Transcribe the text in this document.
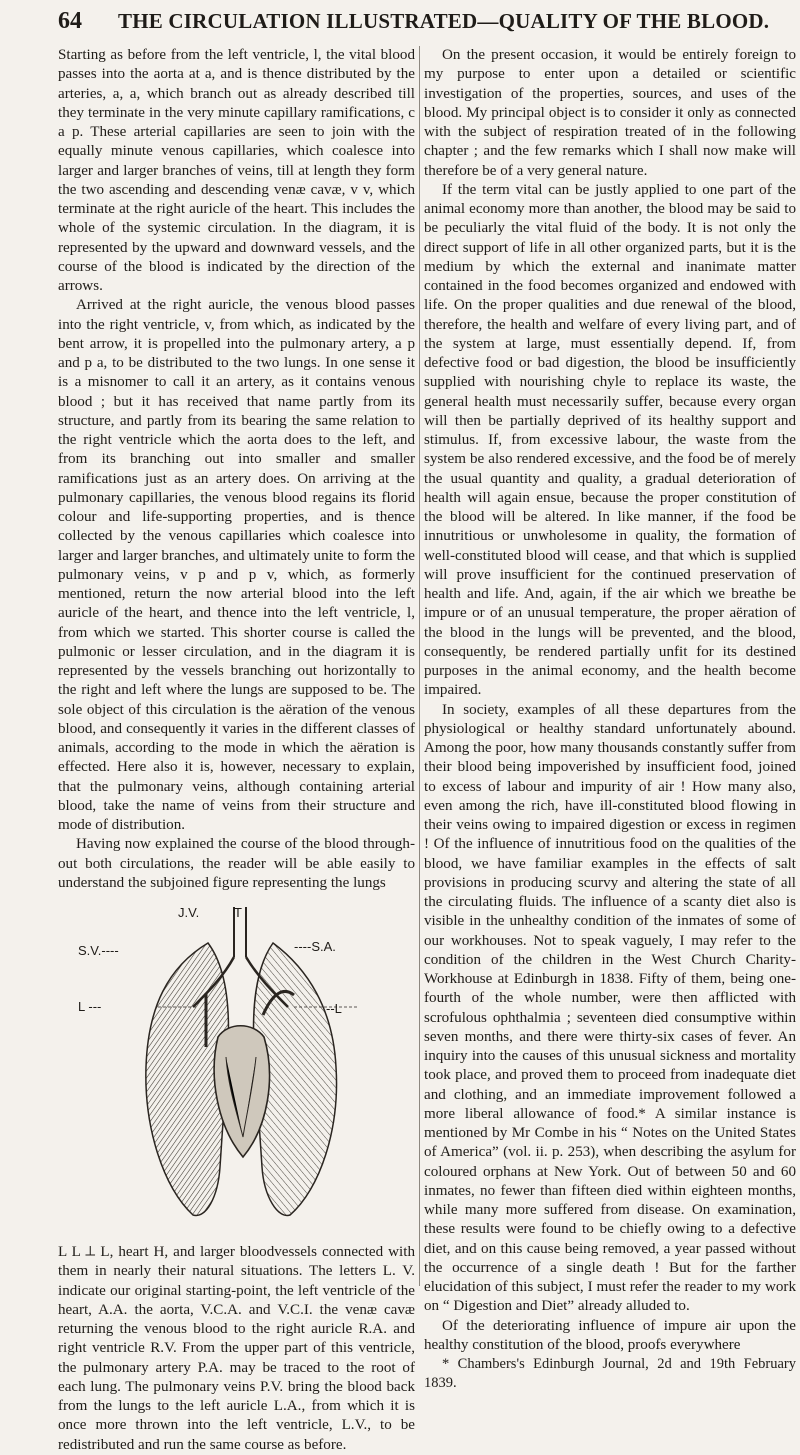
64	THE CIRCULATION ILLUSTRATED—QUALITY OF THE BLOOD.

Starting as before from the left ventricle, l, the vital blood passes into the aorta at a, and is thence distributed by the arteries, a, a, which branch out as already described till they terminate in the very minute capillary ramifications, c a p. These arterial capillaries are seen to join with the equally minute venous capillaries, which coalesce into larger and larger branches of veins, till at length they form the two ascending and descending venæ cavæ, v v, which terminate at the right auricle of the heart. This includes the whole of the systemic circulation. In the diagram, it is represented by the upward and downward vessels, and the course of the blood is indicated by the direction of the arrows.

Arrived at the right auricle, the venous blood passes into the right ventricle, v, from which, as indicated by the bent arrow, it is propelled into the pulmonary artery, a p and p a, to be distributed to the two lungs. In one sense it is a misnomer to call it an artery, as it contains venous blood ; but it has received that name partly from its structure, and partly from its bearing the same relation to the right ventricle which the aorta does to the left, and from its branching out into smaller and smaller ramifications just as an artery does. On arriving at the pulmonary capillaries, the venous blood regains its florid colour and life-supporting properties, and is thence collected by the venous capillaries which coalesce into larger and larger branches, and ultimately unite to form the pulmonary veins, v p and p v, which, as formerly mentioned, return the now arterial blood into the left auricle of the heart, and thence into the left ventricle, l, from which we started. This shorter course is called the pulmonic or lesser circulation, and in the diagram it is represented by the vessels branching out horizontally to the right and left where the lungs are supposed to be. The sole object of this circulation is the aëration of the venous blood, and consequently it varies in the different classes of animals, according to the mode in which the aëration is effected. Here also it is, however, necessary to explain, that the pulmonary veins, although containing arterial blood, take the name of veins from their structure and mode of distribution.

Having now explained the course of the blood through-out both circulations, the reader will be able easily to understand the subjoined figure representing the lungs

J.V.	T
S.V.----	----S.A.
L ---	--L
L L ⟂ L, heart H, and larger bloodvessels connected with them in nearly their natural situations. The letters L. V. indicate our original starting-point, the left ventricle of the heart, A.A. the aorta, V.C.A. and V.C.I. the venæ cavæ returning the venous blood to the right auricle R.A. and right ventricle R.V. From the upper part of this ventricle, the pulmonary artery P.A. may be traced to the root of each lung. The pulmonary veins P.V. bring the blood back from the lungs to the left auricle L.A., from which it is once more thrown into the left ventricle, L.V., to be redistributed and run the same course as before.

On the present occasion, it would be entirely foreign to my purpose to enter upon a detailed or scientific investigation of the properties, sources, and uses of the blood. My principal object is to consider it only as connected with the subject of respiration treated of in the following chapter ; and the few remarks which I shall now make will therefore be of a very general nature.

If the term vital can be justly applied to one part of the animal economy more than another, the blood may be said to be peculiarly the vital fluid of the body. It is not only the direct support of life in all other organized parts, but it is the medium by which the external and inanimate matter contained in the food becomes organized and endowed with life. On the proper qualities and due renewal of the blood, therefore, the health and welfare of every living part, and of the system at large, must essentially depend. If, from defective food or bad digestion, the blood be insufficiently supplied with nourishing chyle to replace its waste, the general health must necessarily suffer, because every organ will then be partially deprived of its healthy support and stimulus. If, from excessive labour, the waste from the system be also rendered excessive, and the food be of merely the usual quantity and quality, a gradual deterioration of health will again ensue, because the proper constitution of the blood will be altered. In like manner, if the food be innutritious or unwholesome in quality, the formation of well-constituted blood will cease, and that which is supplied will prove insufficient for the continued preservation of health and life. And, again, if the air which we breathe be impure or of an unusual temperature, the proper aëration of the blood in the lungs will be prevented, and the blood, consequently, be rendered partially unfit for its destined purposes in the animal economy, and the health become impaired.

In society, examples of all these departures from the physiological or healthy standard unfortunately abound. Among the poor, how many thousands constantly suffer from their blood being impoverished by insufficient food, joined to excess of labour and impurity of air ! How many also, even among the rich, have ill-constituted blood flowing in their veins owing to impaired digestion or excess in regimen ! Of the influence of innutritious food on the qualities of the blood, we have familiar examples in the effects of salt provisions in producing scurvy and altering the state of all the circulating fluids. The influence of a scanty diet also is visible in the unhealthy condition of the inmates of some of our workhouses. Not to speak vaguely, I may refer to the condition of the children in the West Church Charity-Workhouse at Edinburgh in 1838. Fifty of them, being one-fourth of the whole number, were then afflicted with scrofulous ophthalmia ; seventeen died consumptive within seven months, and there were thirty-six cases of fever. An inquiry into the causes of this unusual sickness and mortality took place, and proved them to proceed from inadequate diet and clothing, and an immediate improvement followed a more liberal allowance of food.* A similar instance is mentioned by Mr Combe in his “ Notes on the United States of America” (vol. ii. p. 253), when describing the asylum for coloured orphans at New York. Out of between 50 and 60 inmates, no fewer than fifteen died within eighteen months, while many more suffered from disease. On examination, these results were found to be chiefly owing to a defective diet, and on this cause being removed, a year passed without the occurrence of a single death ! But for the farther elucidation of this subject, I must refer the reader to my work on “ Digestion and Diet” already alluded to.

Of the deteriorating influence of impure air upon the healthy constitution of the blood, proofs everywhere

* Chambers's Edinburgh Journal, 2d and 19th February 1839.
